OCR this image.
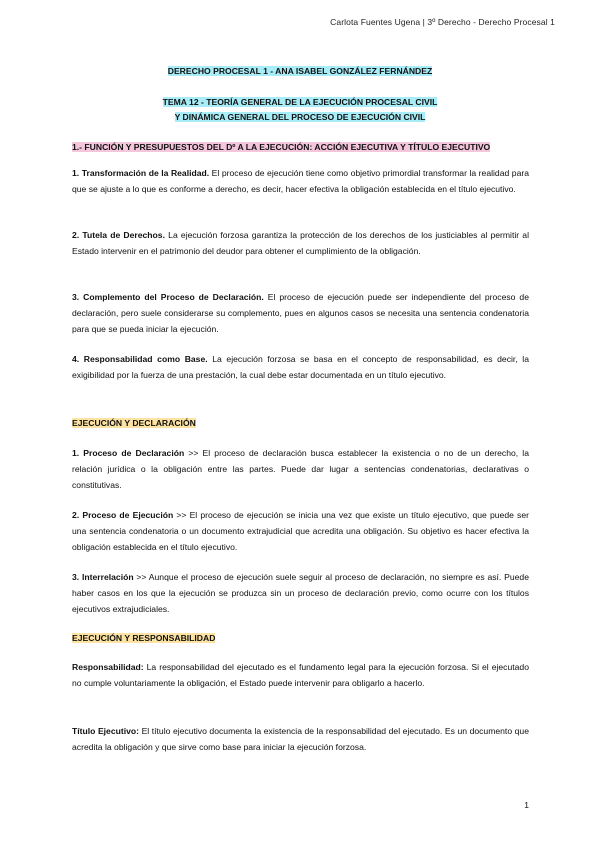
Carlota Fuentes Ugena | 3º Derecho - Derecho Procesal 1
DERECHO PROCESAL 1 - ANA ISABEL GONZÁLEZ FERNÁNDEZ
TEMA 12 - TEORÍA GENERAL DE LA EJECUCIÓN PROCESAL CIVIL
Y DINÁMICA GENERAL DEL PROCESO DE EJECUCIÓN CIVIL
1.- FUNCIÓN Y PRESUPUESTOS DEL Dº A LA EJECUCIÓN: ACCIÓN EJECUTIVA Y TÍTULO EJECUTIVO
1. Transformación de la Realidad. El proceso de ejecución tiene como objetivo primordial transformar la realidad para que se ajuste a lo que es conforme a derecho, es decir, hacer efectiva la obligación establecida en el título ejecutivo.
2. Tutela de Derechos. La ejecución forzosa garantiza la protección de los derechos de los justiciables al permitir al Estado intervenir en el patrimonio del deudor para obtener el cumplimiento de la obligación.
3. Complemento del Proceso de Declaración. El proceso de ejecución puede ser independiente del proceso de declaración, pero suele considerarse su complemento, pues en algunos casos se necesita una sentencia condenatoria para que se pueda iniciar la ejecución.
4. Responsabilidad como Base. La ejecución forzosa se basa en el concepto de responsabilidad, es decir, la exigibilidad por la fuerza de una prestación, la cual debe estar documentada en un título ejecutivo.
EJECUCIÓN Y DECLARACIÓN
1. Proceso de Declaración >> El proceso de declaración busca establecer la existencia o no de un derecho, la relación jurídica o la obligación entre las partes. Puede dar lugar a sentencias condenatorias, declarativas o constitutivas.
2. Proceso de Ejecución >> El proceso de ejecución se inicia una vez que existe un título ejecutivo, que puede ser una sentencia condenatoria o un documento extrajudicial que acredita una obligación. Su objetivo es hacer efectiva la obligación establecida en el título ejecutivo.
3. Interrelación >> Aunque el proceso de ejecución suele seguir al proceso de declaración, no siempre es así. Puede haber casos en los que la ejecución se produzca sin un proceso de declaración previo, como ocurre con los títulos ejecutivos extrajudiciales.
EJECUCIÓN Y RESPONSABILIDAD
Responsabilidad: La responsabilidad del ejecutado es el fundamento legal para la ejecución forzosa. Si el ejecutado no cumple voluntariamente la obligación, el Estado puede intervenir para obligarlo a hacerlo.
Título Ejecutivo: El título ejecutivo documenta la existencia de la responsabilidad del ejecutado. Es un documento que acredita la obligación y que sirve como base para iniciar la ejecución forzosa.
1
